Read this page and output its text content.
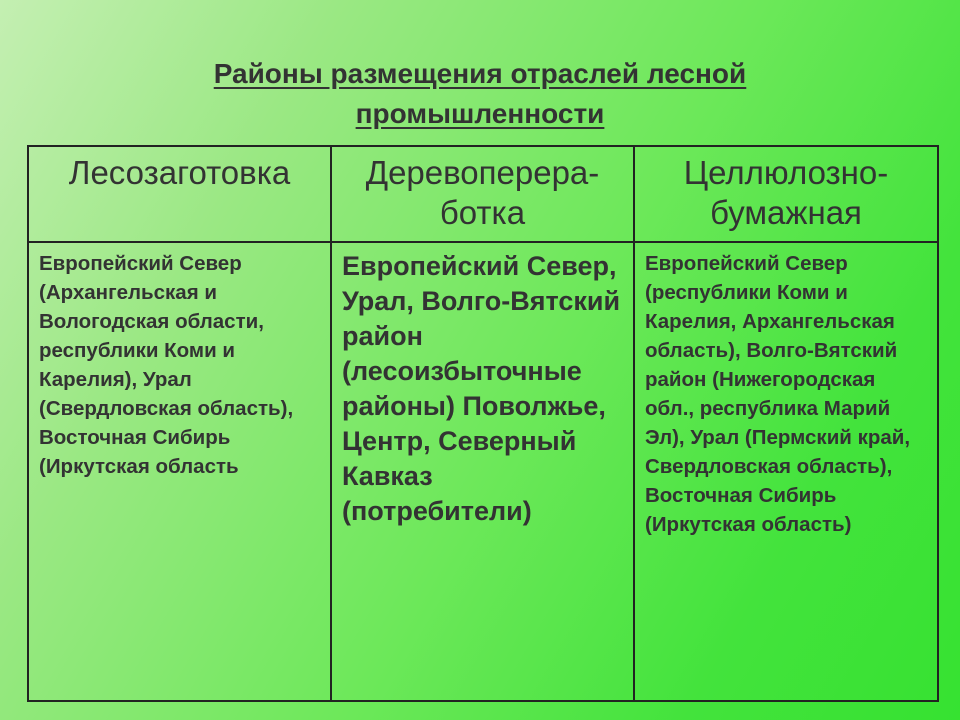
Районы размещения отраслей лесной
промышленности
Лесозаготовка	Деревоперера-ботка	Целлюлозно-бумажная

Европейский Север (Архангельская и Вологодская области, республики Коми и Карелия), Урал (Свердловская область), Восточная Сибирь (Иркутская область	Европейский Север, Урал, Волго-Вятский район (лесоизбыточные районы) Поволжье, Центр, Северный Кавказ (потребители)	Европейский Север (республики Коми и Карелия, Архангельская область), Волго-Вятский район (Нижегородская обл., республика Марий Эл), Урал (Пермский край, Свердловская область), Восточная Сибирь (Иркутская область)
